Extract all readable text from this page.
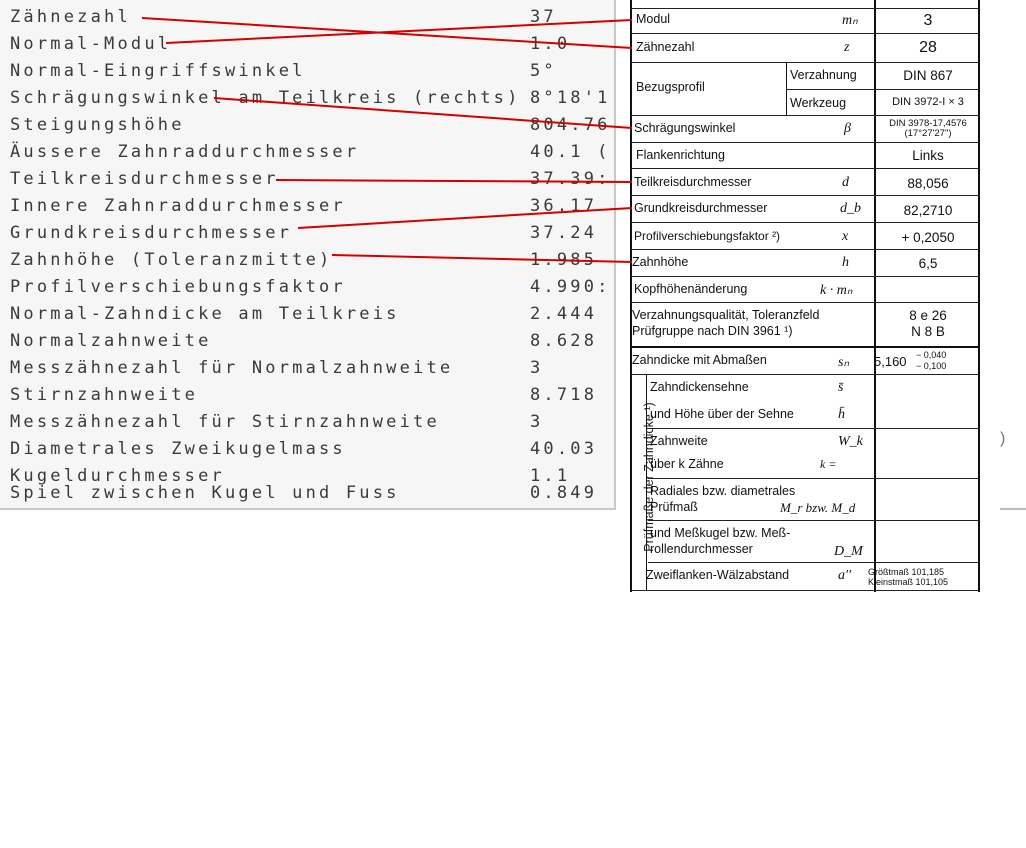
Zähnezahl	37
Normal-Modul	1.0
Normal-Eingriffswinkel	5°
Schrägungswinkel am Teilkreis (rechts) 8°18'1
Steigungshöhe	804.76
Äussere Zahnraddurchmesser	40.1 (
Teilkreisdurchmesser	37.39:
Innere Zahnraddurchmesser	36.17
Grundkreisdurchmesser	37.24
Zahnhöhe (Toleranzmitte)	1.985
Profilverschiebungsfaktor	4.990:
Normal-Zahndicke am Teilkreis	2.444
Normalzahnweite	8.628
Messzähnezahl für Normalzahnweite	3
Stirnzahnweite	8.718
Messzähnezahl für Stirnzahnweite	3
Diametrales Zweikugelmass	40.03
Kugeldurchmesser	1.1
Spiel zwischen Kugel und Fuss	0.849
Modul	mₙ	3
Zähnezahl	z	28
Bezugsprofil
Verzahnung	DIN 867
Werkzeug	DIN 3972-I × 3
Schrägungswinkel	β	DIN 3978-17,4576
(17°27'27")
Flankenrichtung	Links
Teilkreisdurchmesser	d	88,056
Grundkreisdurchmesser	d_b	82,2710
Profilverschiebungsfaktor ²)	x	+ 0,2050
Zahnhöhe	h	6,5
Kopfhöhenänderung	k · mₙ
Verzahnungsqualität, Toleranzfeld
Prüfgruppe nach DIN 3961 ¹)
8 e 26
N 8 B
Zahndicke mit Abmaßen	sₙ 5,160 − 0,040
− 0,100
Prüfmaße der Zahndicke ¹)
Zahndickensehne	s̄
und Höhe über der Sehne	h̄
Zahnweite	W_k
über k Zähne	k =
Radiales bzw. diametrales
Prüfmaß	M_r bzw. M_d
und Meßkugel bzw. Meß-
rollendurchmesser	D_M
Zweiflanken-Wälzabstand	a'' Größtmaß 101,185
Kleinstmaß 101,105
)
